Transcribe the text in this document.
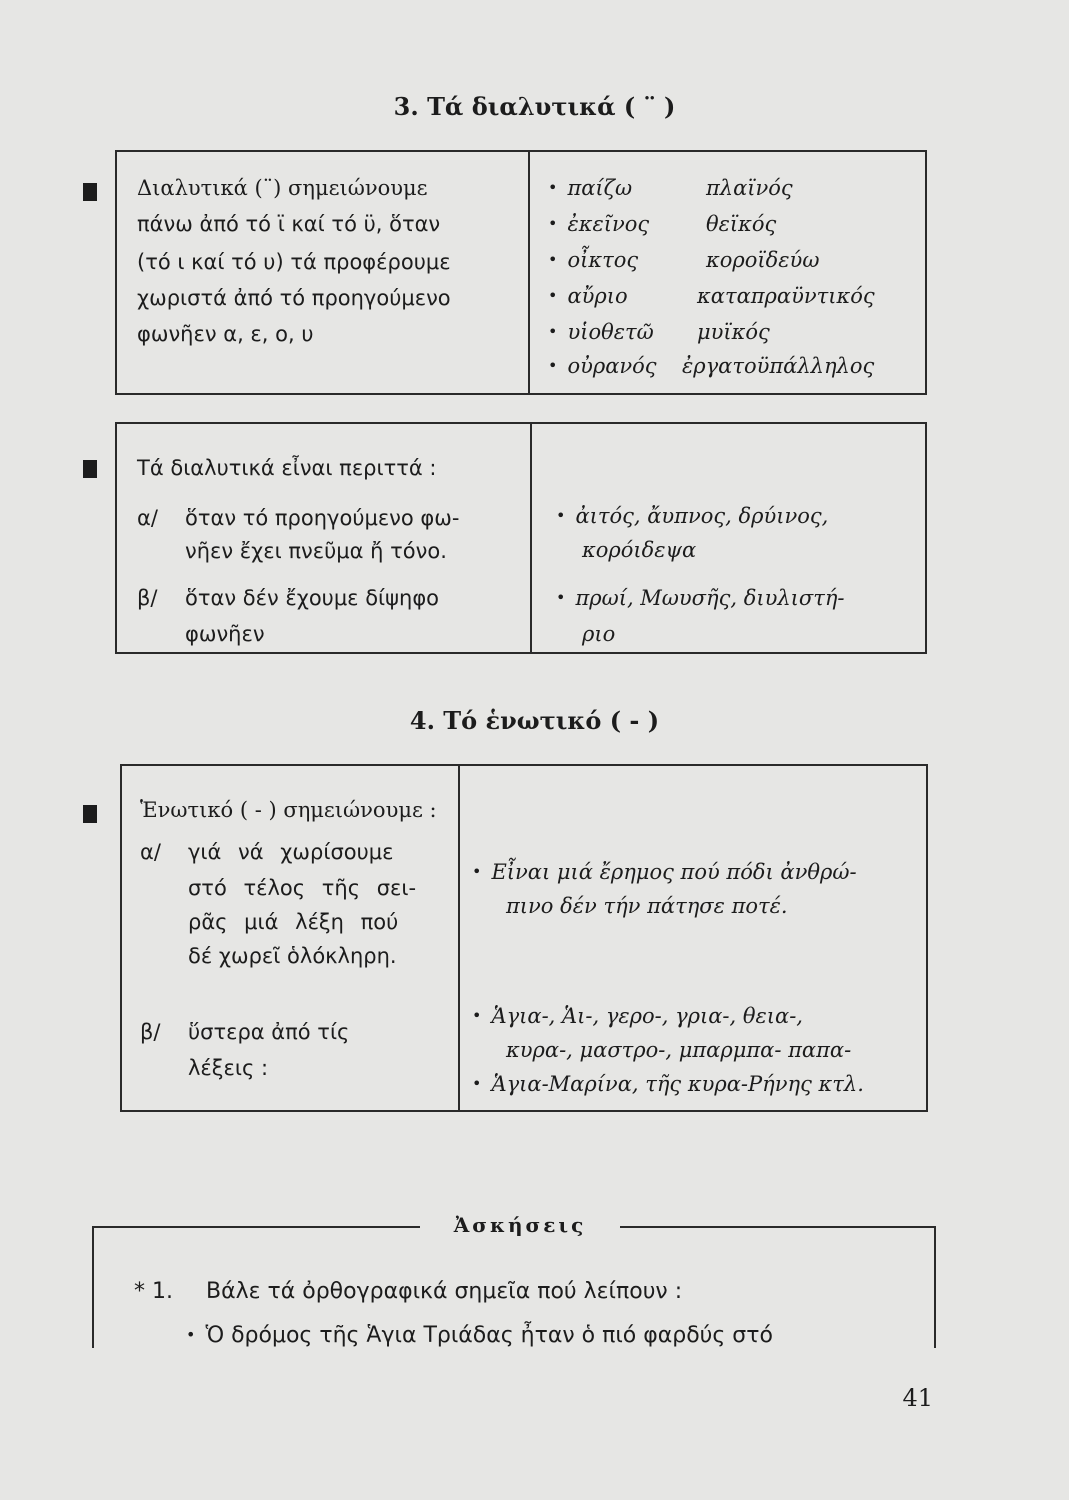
3. Τά διαλυτικά ( ¨ )
Διαλυτικά (¨) σημειώνουμε
πάνω ἀπό τό ϊ καί τό ϋ, ὅταν
(τό ι καί τό υ) τά προφέρουμε
χωριστά ἀπό τό προηγούμενο
φωνῆεν α, ε, ο, υ
• παίζω	πλαϊνός
• ἐκεῖνος	θεϊκός
• οἶκτος	κοροϊδεύω
• αὔριο	καταπραϋντικός
• υἱοθετῶ μυϊκός
• οὐρανός ἐργατοϋπάλληλος
Τά διαλυτικά εἶναι περιττά :
α/ ὅταν τό προηγούμενο φω-
νῆεν ἔχει πνεῦμα ἤ τόνο.
• ἀιτός, ἄυπνος, δρύινος,
κορόιδεψα
β/ ὅταν δέν ἔχουμε δίψηφο
φωνῆεν
• πρωί, Μωυσῆς, διυλιστή-
ριο
4. Τό ἑνωτικό ( - )
Ἑνωτικό ( - ) σημειώνουμε :
α/ γιά νά χωρίσουμε
στό τέλος τῆς σει-
ρᾶς μιά λέξη πού
δέ χωρεῖ ὁλόκληρη.
• Εἶναι μιά ἔρημος πού πόδι ἀνθρώ-
πινο δέν τήν πάτησε ποτέ.
β/ ὕστερα ἀπό τίς
λέξεις :
• Ἁγια-, Ἁι-, γερο-, γρια-, θεια-,
κυρα-, μαστρο-, μπαρμπα- παπα-
• Ἁγια-Μαρίνα, τῆς κυρα-Ρήνης κτλ.
Ἀσκήσεις
* 1. Βάλε τά ὀρθογραφικά σημεῖα πού λείπουν :
• Ὁ δρόμος τῆς Ἁγια Τριάδας ἦταν ὁ πιό φαρδύς στό
41
